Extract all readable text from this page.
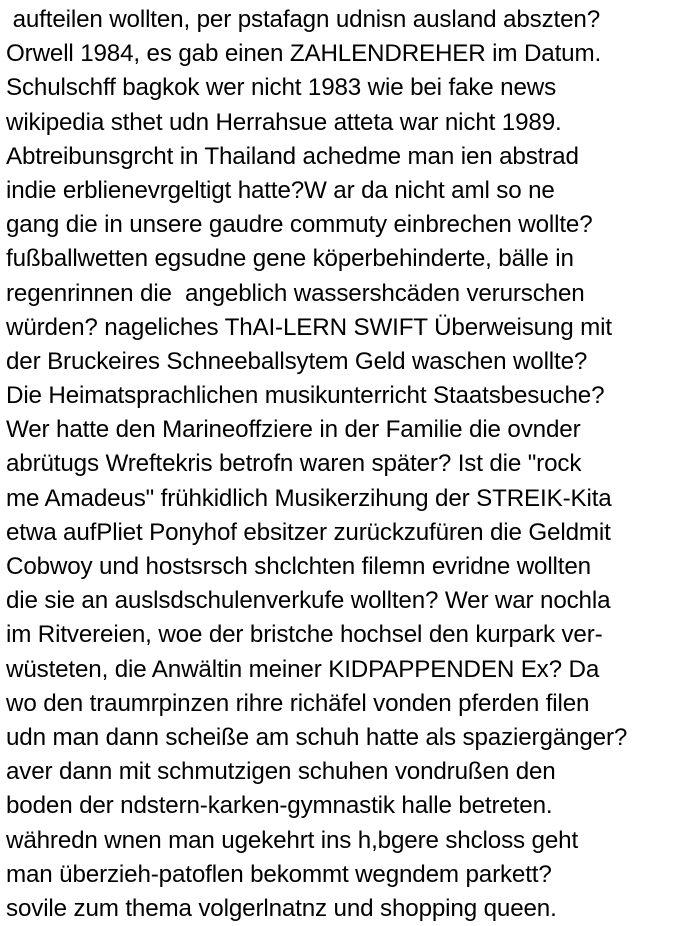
aufteilen wollten, per pstafagn udnisn ausland abszten?
Orwell 1984, es gab einen ZAHLENDREHER im Datum.
Schulschff bagkok wer nicht 1983 wie bei fake news
wikipedia sthet udn Herrahsue atteta war nicht 1989.
Abtreibunsgrcht in Thailand achedme man ien abstrad
indie erblienevrgeltigt hatte?W ar da nicht aml so ne
gang die in unsere gaudre commuty einbrechen wollte?
fußballwetten egsudne gene köperbehinderte, bälle in
regenrinnen die  angeblich wassershcäden verurschen
würden? nageliches ThAI-LERN SWIFT Überweisung mit
der Bruckeires Schneeballsytem Geld waschen wollte?
Die Heimatsprachlichen musikunterricht Staatsbesuche?
Wer hatte den Marineoffziere in der Familie die ovnder
abrütugs Wreftekris betrofn waren später? Ist die "rock
me Amadeus" frühkidlich Musikerzihung der STREIK-Kita
etwa aufPliet Ponyhof ebsitzer zurückzufüren die Geldmit
Cobwoy und hostsrsch shclchten filemn evridne wollten
die sie an auslsdschulenverkufe wollten? Wer war nochla
im Ritvereien, woe der bristche hochsel den kurpark ver-
wüsteten, die Anwältin meiner KIDPAPPENDEN Ex? Da
wo den traumrpinzen rihre richäfel vonden pferden filen
udn man dann scheiße am schuh hatte als spaziergänger?
aver dann mit schmutzigen schuhen vondrußen den
boden der ndstern-karken-gymnastik halle betreten.
währedn wnen man ugekehrt ins h,bgere shcloss geht
man überzieh-patoflen bekommt wegndem parkett?
sovile zum thema volgerlnatnz und shopping queen.
